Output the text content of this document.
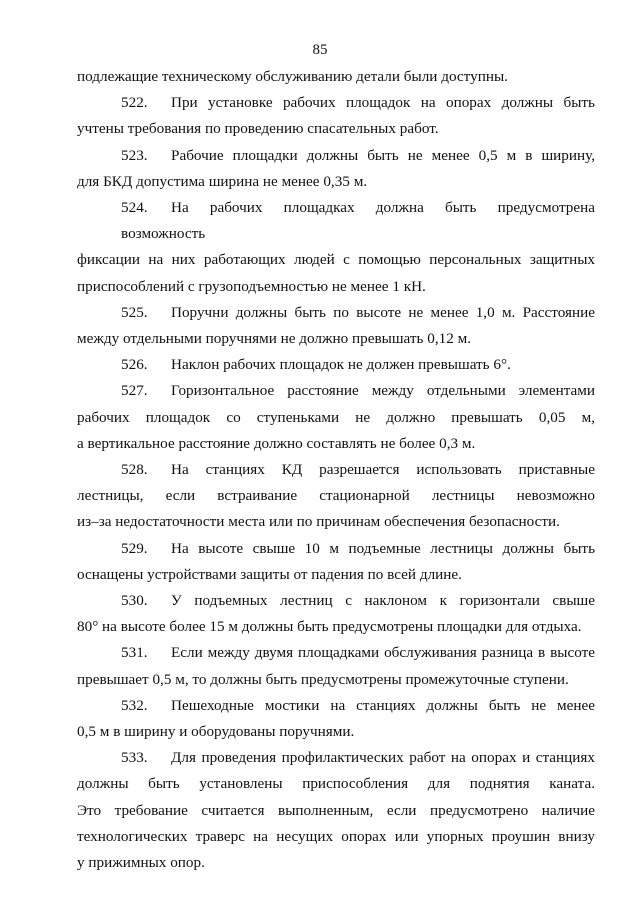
85

подлежащие техническому обслуживанию детали были доступны.

522. При установке рабочих площадок на опорах должны быть
учтены требования по проведению спасательных работ.

523. Рабочие площадки должны быть не менее 0,5 м в ширину,
для БКД допустима ширина не менее 0,35 м.

524. На рабочих площадках должна быть предусмотрена возможность
фиксации на них работающих людей с помощью персональных защитных
приспособлений с грузоподъемностью не менее 1 кН.

525. Поручни должны быть по высоте не менее 1,0 м. Расстояние
между отдельными поручнями не должно превышать 0,12 м.

526. Наклон рабочих площадок не должен превышать 6°.

527. Горизонтальное расстояние между отдельными элементами
рабочих площадок со ступеньками не должно превышать 0,05 м,
а вертикальное расстояние должно составлять не более 0,3 м.

528. На станциях КД разрешается использовать приставные
лестницы, если встраивание стационарной лестницы невозможно
из–за недостаточности места или по причинам обеспечения безопасности.

529. На высоте свыше 10 м подъемные лестницы должны быть
оснащены устройствами защиты от падения по всей длине.

530. У подъемных лестниц с наклоном к горизонтали свыше
80° на высоте более 15 м должны быть предусмотрены площадки для отдыха.

531. Если между двумя площадками обслуживания разница в высоте
превышает 0,5 м, то должны быть предусмотрены промежуточные ступени.

532. Пешеходные мостики на станциях должны быть не менее
0,5 м в ширину и оборудованы поручнями.

533. Для проведения профилактических работ на опорах и станциях
должны быть установлены приспособления для поднятия каната.
Это требование считается выполненным, если предусмотрено наличие
технологических траверс на несущих опорах или упорных проушин внизу
у прижимных опор.
